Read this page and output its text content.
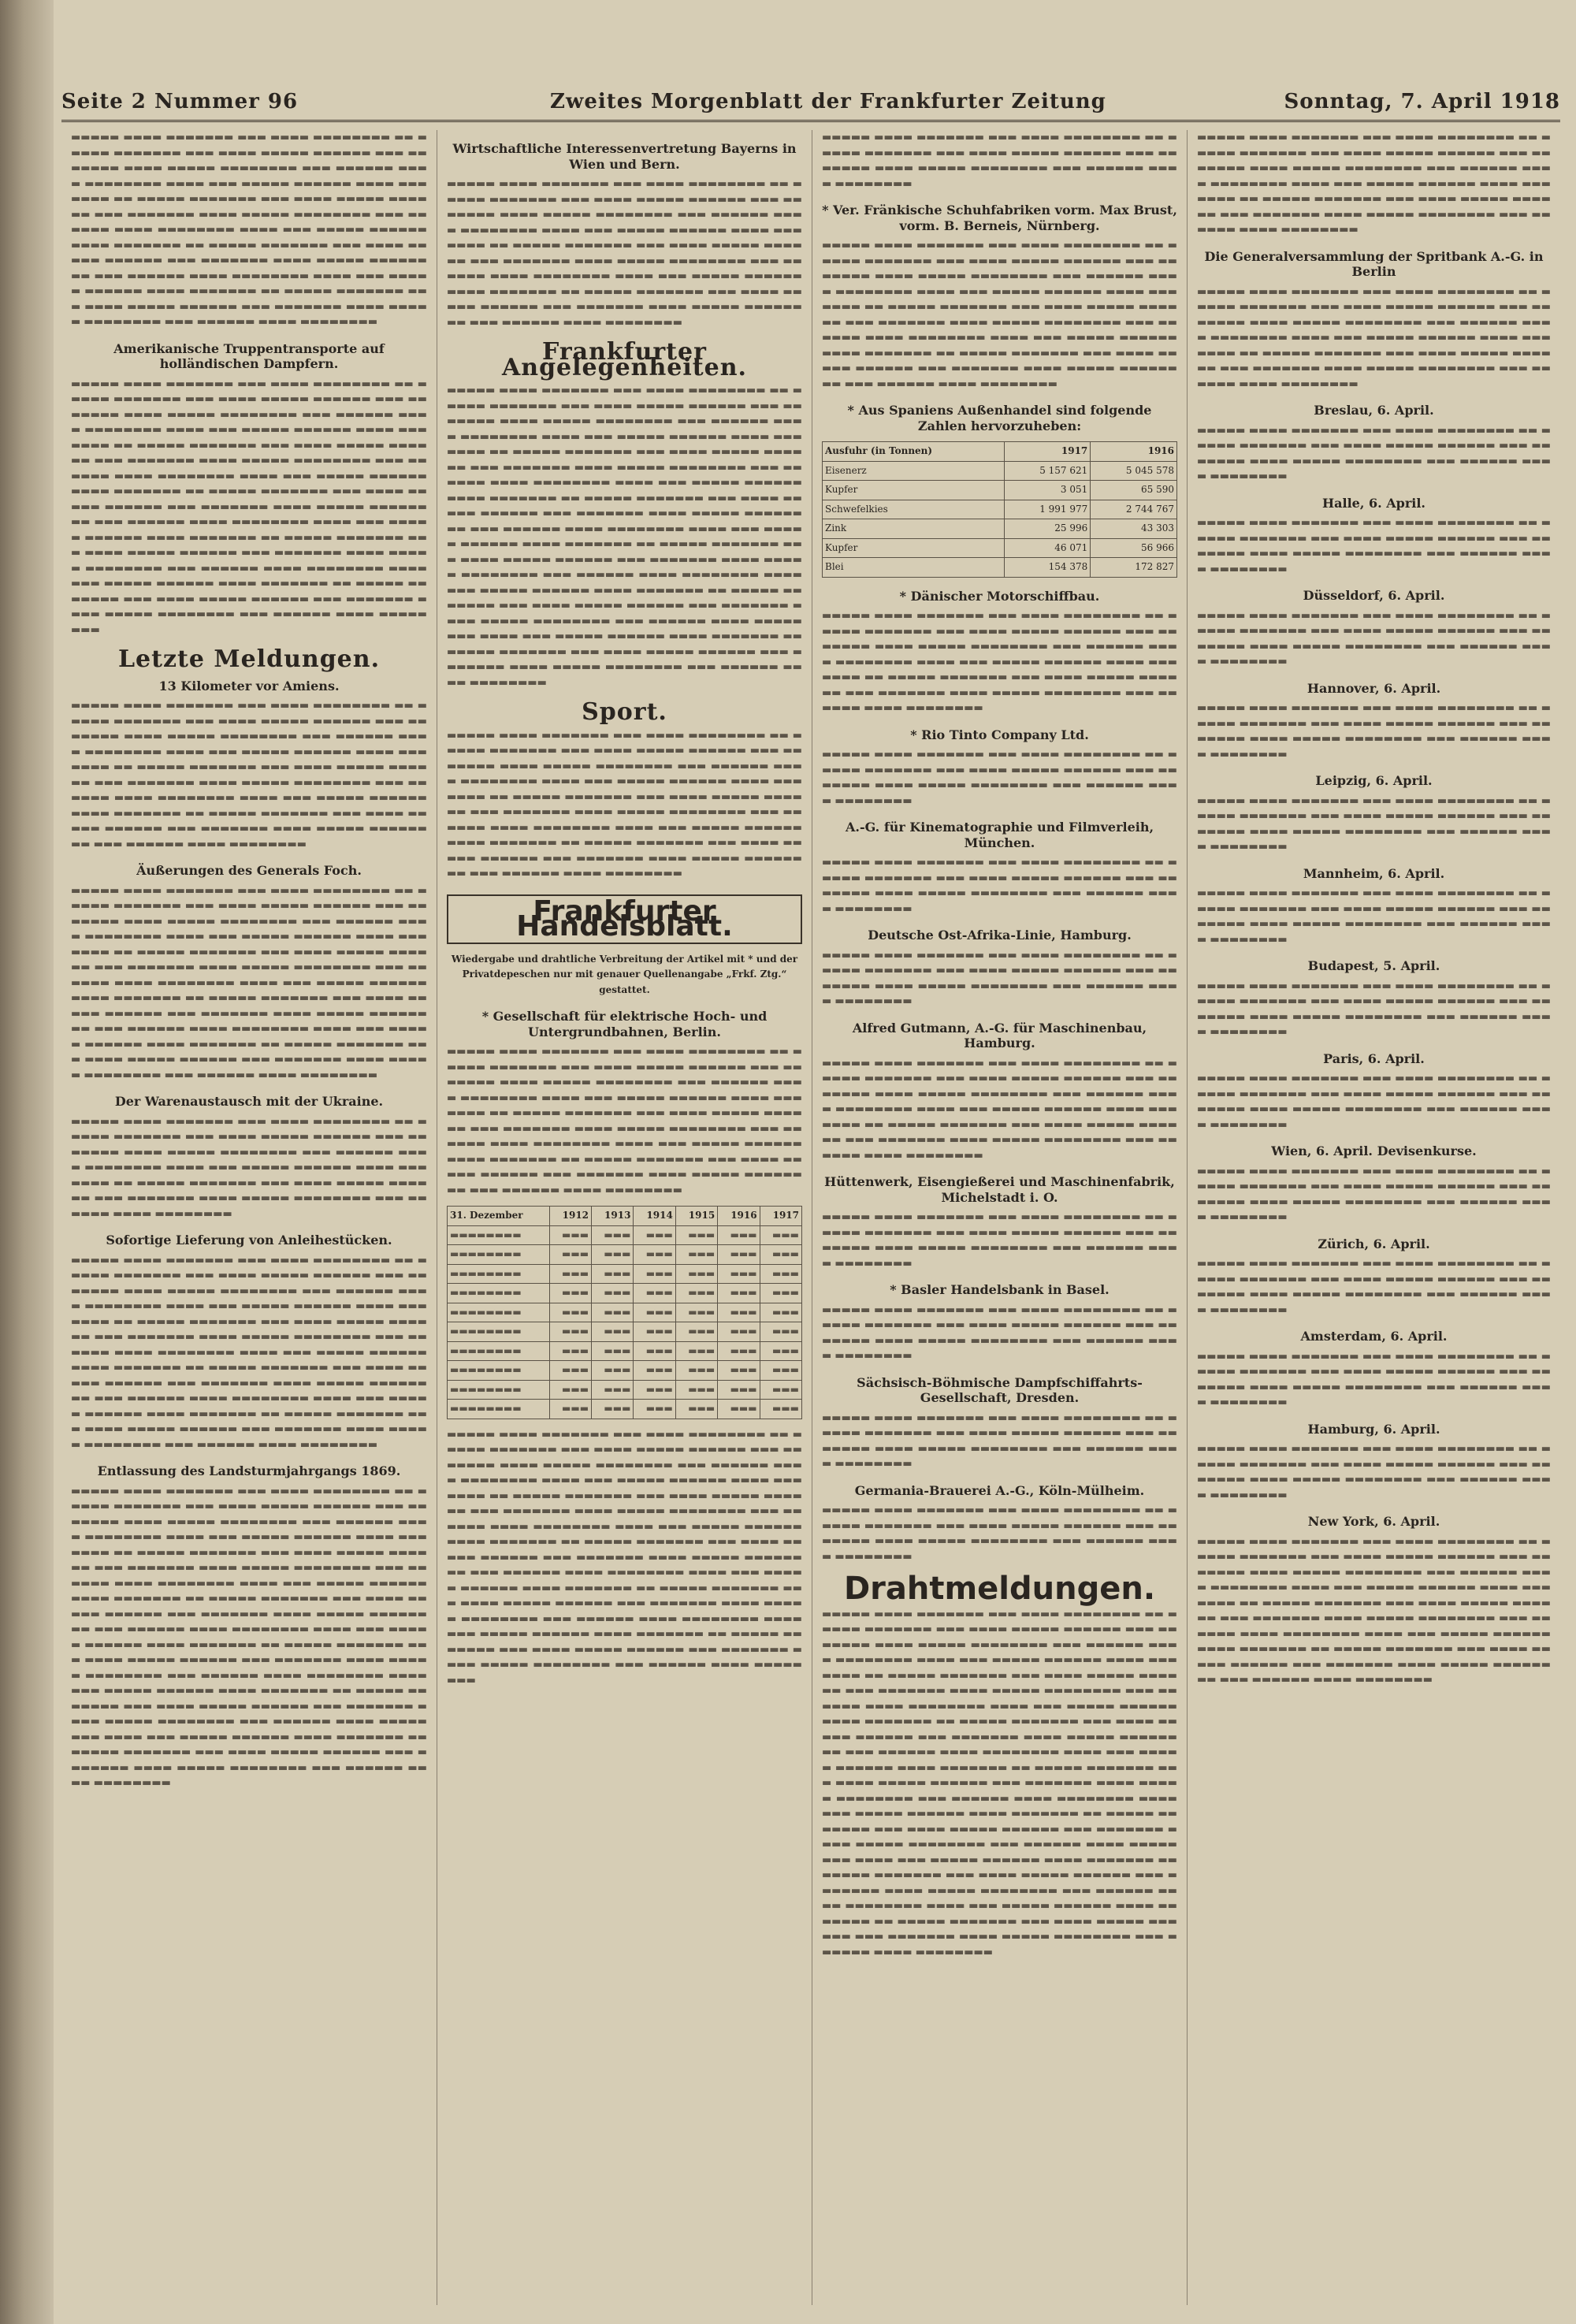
Seite 2 Nummer 96	Zweites Morgenblatt der Frankfurter Zeitung	Sonntag, 7. April 1918
▬▬▬▬▬ ▬▬▬▬ ▬▬▬▬▬▬▬ ▬▬▬ ▬▬▬▬ ▬▬▬▬▬▬▬▬ ▬▬ ▬▬▬▬▬ ▬▬▬▬▬▬▬ ▬▬▬ ▬▬▬▬ ▬▬▬▬▬ ▬▬▬▬▬▬ ▬▬▬ ▬▬▬▬▬▬▬ ▬▬▬▬ ▬▬▬▬▬ ▬▬▬▬▬▬▬▬ ▬▬▬ ▬▬▬▬▬▬ ▬▬▬▬ ▬▬▬▬▬▬▬▬ ▬▬▬▬ ▬▬▬ ▬▬▬▬▬ ▬▬▬▬▬▬ ▬▬▬▬ ▬▬▬▬▬▬▬ ▬▬ ▬▬▬▬▬ ▬▬▬▬▬▬▬ ▬▬▬ ▬▬▬▬ ▬▬▬▬▬ ▬▬▬▬▬▬ ▬▬▬ ▬▬▬▬▬▬▬ ▬▬▬▬ ▬▬▬▬▬ ▬▬▬▬▬▬▬▬ ▬▬▬ ▬▬▬▬▬▬ ▬▬▬▬ ▬▬▬▬▬▬▬▬ ▬▬▬▬ ▬▬▬ ▬▬▬▬▬ ▬▬▬▬▬▬ ▬▬▬▬ ▬▬▬▬▬▬▬ ▬▬ ▬▬▬▬▬ ▬▬▬▬▬▬▬ ▬▬▬ ▬▬▬▬ ▬▬▬▬▬ ▬▬▬▬▬▬ ▬▬▬ ▬▬▬▬▬▬▬ ▬▬▬▬ ▬▬▬▬▬ ▬▬▬▬▬▬▬▬ ▬▬▬ ▬▬▬▬▬▬ ▬▬▬▬ ▬▬▬▬▬▬▬▬ ▬▬▬▬ ▬▬▬ ▬▬▬▬▬ ▬▬▬▬▬▬ ▬▬▬▬ ▬▬▬▬▬▬▬ ▬▬ ▬▬▬▬▬ ▬▬▬▬▬▬▬ ▬▬▬ ▬▬▬▬ ▬▬▬▬▬ ▬▬▬▬▬▬ ▬▬▬ ▬▬▬▬▬▬▬ ▬▬▬▬ ▬▬▬▬▬ ▬▬▬▬▬▬▬▬ ▬▬▬ ▬▬▬▬▬▬ ▬▬▬▬ ▬▬▬▬▬▬▬▬
Amerikanische Truppentransporte auf holländischen Dampfern.
▬▬▬▬▬ ▬▬▬▬ ▬▬▬▬▬▬▬ ▬▬▬ ▬▬▬▬ ▬▬▬▬▬▬▬▬ ▬▬ ▬▬▬▬▬ ▬▬▬▬▬▬▬ ▬▬▬ ▬▬▬▬ ▬▬▬▬▬ ▬▬▬▬▬▬ ▬▬▬ ▬▬▬▬▬▬▬ ▬▬▬▬ ▬▬▬▬▬ ▬▬▬▬▬▬▬▬ ▬▬▬ ▬▬▬▬▬▬ ▬▬▬▬ ▬▬▬▬▬▬▬▬ ▬▬▬▬ ▬▬▬ ▬▬▬▬▬ ▬▬▬▬▬▬ ▬▬▬▬ ▬▬▬▬▬▬▬ ▬▬ ▬▬▬▬▬ ▬▬▬▬▬▬▬ ▬▬▬ ▬▬▬▬ ▬▬▬▬▬ ▬▬▬▬▬▬ ▬▬▬ ▬▬▬▬▬▬▬ ▬▬▬▬ ▬▬▬▬▬ ▬▬▬▬▬▬▬▬ ▬▬▬ ▬▬▬▬▬▬ ▬▬▬▬ ▬▬▬▬▬▬▬▬ ▬▬▬▬ ▬▬▬ ▬▬▬▬▬ ▬▬▬▬▬▬ ▬▬▬▬ ▬▬▬▬▬▬▬ ▬▬ ▬▬▬▬▬ ▬▬▬▬▬▬▬ ▬▬▬ ▬▬▬▬ ▬▬▬▬▬ ▬▬▬▬▬▬ ▬▬▬ ▬▬▬▬▬▬▬ ▬▬▬▬ ▬▬▬▬▬ ▬▬▬▬▬▬▬▬ ▬▬▬ ▬▬▬▬▬▬ ▬▬▬▬ ▬▬▬▬▬▬▬▬ ▬▬▬▬ ▬▬▬ ▬▬▬▬▬ ▬▬▬▬▬▬ ▬▬▬▬ ▬▬▬▬▬▬▬ ▬▬ ▬▬▬▬▬ ▬▬▬▬▬▬▬ ▬▬▬ ▬▬▬▬ ▬▬▬▬▬ ▬▬▬▬▬▬ ▬▬▬ ▬▬▬▬▬▬▬ ▬▬▬▬ ▬▬▬▬▬ ▬▬▬▬▬▬▬▬ ▬▬▬ ▬▬▬▬▬▬ ▬▬▬▬ ▬▬▬▬▬▬▬▬ ▬▬▬▬ ▬▬▬ ▬▬▬▬▬ ▬▬▬▬▬▬ ▬▬▬▬ ▬▬▬▬▬▬▬ ▬▬ ▬▬▬▬▬ ▬▬▬▬▬▬▬ ▬▬▬ ▬▬▬▬ ▬▬▬▬▬ ▬▬▬▬▬▬ ▬▬▬ ▬▬▬▬▬▬▬ ▬▬▬▬ ▬▬▬▬▬ ▬▬▬▬▬▬▬▬ ▬▬▬ ▬▬▬▬▬▬ ▬▬▬▬ ▬▬▬▬▬▬▬▬
Letzte Meldungen.
13 Kilometer vor Amiens.
▬▬▬▬▬ ▬▬▬▬ ▬▬▬▬▬▬▬ ▬▬▬ ▬▬▬▬ ▬▬▬▬▬▬▬▬ ▬▬ ▬▬▬▬▬ ▬▬▬▬▬▬▬ ▬▬▬ ▬▬▬▬ ▬▬▬▬▬ ▬▬▬▬▬▬ ▬▬▬ ▬▬▬▬▬▬▬ ▬▬▬▬ ▬▬▬▬▬ ▬▬▬▬▬▬▬▬ ▬▬▬ ▬▬▬▬▬▬ ▬▬▬▬ ▬▬▬▬▬▬▬▬ ▬▬▬▬ ▬▬▬ ▬▬▬▬▬ ▬▬▬▬▬▬ ▬▬▬▬ ▬▬▬▬▬▬▬ ▬▬ ▬▬▬▬▬ ▬▬▬▬▬▬▬ ▬▬▬ ▬▬▬▬ ▬▬▬▬▬ ▬▬▬▬▬▬ ▬▬▬ ▬▬▬▬▬▬▬ ▬▬▬▬ ▬▬▬▬▬ ▬▬▬▬▬▬▬▬ ▬▬▬ ▬▬▬▬▬▬ ▬▬▬▬ ▬▬▬▬▬▬▬▬ ▬▬▬▬ ▬▬▬ ▬▬▬▬▬ ▬▬▬▬▬▬ ▬▬▬▬ ▬▬▬▬▬▬▬ ▬▬ ▬▬▬▬▬ ▬▬▬▬▬▬▬ ▬▬▬ ▬▬▬▬ ▬▬▬▬▬ ▬▬▬▬▬▬ ▬▬▬ ▬▬▬▬▬▬▬ ▬▬▬▬ ▬▬▬▬▬ ▬▬▬▬▬▬▬▬ ▬▬▬ ▬▬▬▬▬▬ ▬▬▬▬ ▬▬▬▬▬▬▬▬
Äußerungen des Generals Foch.
▬▬▬▬▬ ▬▬▬▬ ▬▬▬▬▬▬▬ ▬▬▬ ▬▬▬▬ ▬▬▬▬▬▬▬▬ ▬▬ ▬▬▬▬▬ ▬▬▬▬▬▬▬ ▬▬▬ ▬▬▬▬ ▬▬▬▬▬ ▬▬▬▬▬▬ ▬▬▬ ▬▬▬▬▬▬▬ ▬▬▬▬ ▬▬▬▬▬ ▬▬▬▬▬▬▬▬ ▬▬▬ ▬▬▬▬▬▬ ▬▬▬▬ ▬▬▬▬▬▬▬▬ ▬▬▬▬ ▬▬▬ ▬▬▬▬▬ ▬▬▬▬▬▬ ▬▬▬▬ ▬▬▬▬▬▬▬ ▬▬ ▬▬▬▬▬ ▬▬▬▬▬▬▬ ▬▬▬ ▬▬▬▬ ▬▬▬▬▬ ▬▬▬▬▬▬ ▬▬▬ ▬▬▬▬▬▬▬ ▬▬▬▬ ▬▬▬▬▬ ▬▬▬▬▬▬▬▬ ▬▬▬ ▬▬▬▬▬▬ ▬▬▬▬ ▬▬▬▬▬▬▬▬ ▬▬▬▬ ▬▬▬ ▬▬▬▬▬ ▬▬▬▬▬▬ ▬▬▬▬ ▬▬▬▬▬▬▬ ▬▬ ▬▬▬▬▬ ▬▬▬▬▬▬▬ ▬▬▬ ▬▬▬▬ ▬▬▬▬▬ ▬▬▬▬▬▬ ▬▬▬ ▬▬▬▬▬▬▬ ▬▬▬▬ ▬▬▬▬▬ ▬▬▬▬▬▬▬▬ ▬▬▬ ▬▬▬▬▬▬ ▬▬▬▬ ▬▬▬▬▬▬▬▬ ▬▬▬▬ ▬▬▬ ▬▬▬▬▬ ▬▬▬▬▬▬ ▬▬▬▬ ▬▬▬▬▬▬▬ ▬▬ ▬▬▬▬▬ ▬▬▬▬▬▬▬ ▬▬▬ ▬▬▬▬ ▬▬▬▬▬ ▬▬▬▬▬▬ ▬▬▬ ▬▬▬▬▬▬▬ ▬▬▬▬ ▬▬▬▬▬ ▬▬▬▬▬▬▬▬ ▬▬▬ ▬▬▬▬▬▬ ▬▬▬▬ ▬▬▬▬▬▬▬▬
Der Warenaustausch mit der Ukraine.
▬▬▬▬▬ ▬▬▬▬ ▬▬▬▬▬▬▬ ▬▬▬ ▬▬▬▬ ▬▬▬▬▬▬▬▬ ▬▬ ▬▬▬▬▬ ▬▬▬▬▬▬▬ ▬▬▬ ▬▬▬▬ ▬▬▬▬▬ ▬▬▬▬▬▬ ▬▬▬ ▬▬▬▬▬▬▬ ▬▬▬▬ ▬▬▬▬▬ ▬▬▬▬▬▬▬▬ ▬▬▬ ▬▬▬▬▬▬ ▬▬▬▬ ▬▬▬▬▬▬▬▬ ▬▬▬▬ ▬▬▬ ▬▬▬▬▬ ▬▬▬▬▬▬ ▬▬▬▬ ▬▬▬▬▬▬▬ ▬▬ ▬▬▬▬▬ ▬▬▬▬▬▬▬ ▬▬▬ ▬▬▬▬ ▬▬▬▬▬ ▬▬▬▬▬▬ ▬▬▬ ▬▬▬▬▬▬▬ ▬▬▬▬ ▬▬▬▬▬ ▬▬▬▬▬▬▬▬ ▬▬▬ ▬▬▬▬▬▬ ▬▬▬▬ ▬▬▬▬▬▬▬▬
Sofortige Lieferung von Anleihestücken.
▬▬▬▬▬ ▬▬▬▬ ▬▬▬▬▬▬▬ ▬▬▬ ▬▬▬▬ ▬▬▬▬▬▬▬▬ ▬▬ ▬▬▬▬▬ ▬▬▬▬▬▬▬ ▬▬▬ ▬▬▬▬ ▬▬▬▬▬ ▬▬▬▬▬▬ ▬▬▬ ▬▬▬▬▬▬▬ ▬▬▬▬ ▬▬▬▬▬ ▬▬▬▬▬▬▬▬ ▬▬▬ ▬▬▬▬▬▬ ▬▬▬▬ ▬▬▬▬▬▬▬▬ ▬▬▬▬ ▬▬▬ ▬▬▬▬▬ ▬▬▬▬▬▬ ▬▬▬▬ ▬▬▬▬▬▬▬ ▬▬ ▬▬▬▬▬ ▬▬▬▬▬▬▬ ▬▬▬ ▬▬▬▬ ▬▬▬▬▬ ▬▬▬▬▬▬ ▬▬▬ ▬▬▬▬▬▬▬ ▬▬▬▬ ▬▬▬▬▬ ▬▬▬▬▬▬▬▬ ▬▬▬ ▬▬▬▬▬▬ ▬▬▬▬ ▬▬▬▬▬▬▬▬ ▬▬▬▬ ▬▬▬ ▬▬▬▬▬ ▬▬▬▬▬▬ ▬▬▬▬ ▬▬▬▬▬▬▬ ▬▬ ▬▬▬▬▬ ▬▬▬▬▬▬▬ ▬▬▬ ▬▬▬▬ ▬▬▬▬▬ ▬▬▬▬▬▬ ▬▬▬ ▬▬▬▬▬▬▬ ▬▬▬▬ ▬▬▬▬▬ ▬▬▬▬▬▬▬▬ ▬▬▬ ▬▬▬▬▬▬ ▬▬▬▬ ▬▬▬▬▬▬▬▬ ▬▬▬▬ ▬▬▬ ▬▬▬▬▬ ▬▬▬▬▬▬ ▬▬▬▬ ▬▬▬▬▬▬▬ ▬▬ ▬▬▬▬▬ ▬▬▬▬▬▬▬ ▬▬▬ ▬▬▬▬ ▬▬▬▬▬ ▬▬▬▬▬▬ ▬▬▬ ▬▬▬▬▬▬▬ ▬▬▬▬ ▬▬▬▬▬ ▬▬▬▬▬▬▬▬ ▬▬▬ ▬▬▬▬▬▬ ▬▬▬▬ ▬▬▬▬▬▬▬▬
Entlassung des Landsturmjahrgangs 1869.
▬▬▬▬▬ ▬▬▬▬ ▬▬▬▬▬▬▬ ▬▬▬ ▬▬▬▬ ▬▬▬▬▬▬▬▬ ▬▬ ▬▬▬▬▬ ▬▬▬▬▬▬▬ ▬▬▬ ▬▬▬▬ ▬▬▬▬▬ ▬▬▬▬▬▬ ▬▬▬ ▬▬▬▬▬▬▬ ▬▬▬▬ ▬▬▬▬▬ ▬▬▬▬▬▬▬▬ ▬▬▬ ▬▬▬▬▬▬ ▬▬▬▬ ▬▬▬▬▬▬▬▬ ▬▬▬▬ ▬▬▬ ▬▬▬▬▬ ▬▬▬▬▬▬ ▬▬▬▬ ▬▬▬▬▬▬▬ ▬▬ ▬▬▬▬▬ ▬▬▬▬▬▬▬ ▬▬▬ ▬▬▬▬ ▬▬▬▬▬ ▬▬▬▬▬▬ ▬▬▬ ▬▬▬▬▬▬▬ ▬▬▬▬ ▬▬▬▬▬ ▬▬▬▬▬▬▬▬ ▬▬▬ ▬▬▬▬▬▬ ▬▬▬▬ ▬▬▬▬▬▬▬▬ ▬▬▬▬ ▬▬▬ ▬▬▬▬▬ ▬▬▬▬▬▬ ▬▬▬▬ ▬▬▬▬▬▬▬ ▬▬ ▬▬▬▬▬ ▬▬▬▬▬▬▬ ▬▬▬ ▬▬▬▬ ▬▬▬▬▬ ▬▬▬▬▬▬ ▬▬▬ ▬▬▬▬▬▬▬ ▬▬▬▬ ▬▬▬▬▬ ▬▬▬▬▬▬▬▬ ▬▬▬ ▬▬▬▬▬▬ ▬▬▬▬ ▬▬▬▬▬▬▬▬ ▬▬▬▬ ▬▬▬ ▬▬▬▬▬ ▬▬▬▬▬▬ ▬▬▬▬ ▬▬▬▬▬▬▬ ▬▬ ▬▬▬▬▬ ▬▬▬▬▬▬▬ ▬▬▬ ▬▬▬▬ ▬▬▬▬▬ ▬▬▬▬▬▬ ▬▬▬ ▬▬▬▬▬▬▬ ▬▬▬▬ ▬▬▬▬▬ ▬▬▬▬▬▬▬▬ ▬▬▬ ▬▬▬▬▬▬ ▬▬▬▬ ▬▬▬▬▬▬▬▬ ▬▬▬▬ ▬▬▬ ▬▬▬▬▬ ▬▬▬▬▬▬ ▬▬▬▬ ▬▬▬▬▬▬▬ ▬▬ ▬▬▬▬▬ ▬▬▬▬▬▬▬ ▬▬▬ ▬▬▬▬ ▬▬▬▬▬ ▬▬▬▬▬▬ ▬▬▬ ▬▬▬▬▬▬▬ ▬▬▬▬ ▬▬▬▬▬ ▬▬▬▬▬▬▬▬ ▬▬▬ ▬▬▬▬▬▬ ▬▬▬▬ ▬▬▬▬▬▬▬▬ ▬▬▬▬ ▬▬▬ ▬▬▬▬▬ ▬▬▬▬▬▬ ▬▬▬▬ ▬▬▬▬▬▬▬ ▬▬ ▬▬▬▬▬ ▬▬▬▬▬▬▬ ▬▬▬ ▬▬▬▬ ▬▬▬▬▬ ▬▬▬▬▬▬ ▬▬▬ ▬▬▬▬▬▬▬ ▬▬▬▬ ▬▬▬▬▬ ▬▬▬▬▬▬▬▬ ▬▬▬ ▬▬▬▬▬▬ ▬▬▬▬ ▬▬▬▬▬▬▬▬
Wirtschaftliche Interessenvertretung Bayerns in Wien und Bern.
▬▬▬▬▬ ▬▬▬▬ ▬▬▬▬▬▬▬ ▬▬▬ ▬▬▬▬ ▬▬▬▬▬▬▬▬ ▬▬ ▬▬▬▬▬ ▬▬▬▬▬▬▬ ▬▬▬ ▬▬▬▬ ▬▬▬▬▬ ▬▬▬▬▬▬ ▬▬▬ ▬▬▬▬▬▬▬ ▬▬▬▬ ▬▬▬▬▬ ▬▬▬▬▬▬▬▬ ▬▬▬ ▬▬▬▬▬▬ ▬▬▬▬ ▬▬▬▬▬▬▬▬ ▬▬▬▬ ▬▬▬ ▬▬▬▬▬ ▬▬▬▬▬▬ ▬▬▬▬ ▬▬▬▬▬▬▬ ▬▬ ▬▬▬▬▬ ▬▬▬▬▬▬▬ ▬▬▬ ▬▬▬▬ ▬▬▬▬▬ ▬▬▬▬▬▬ ▬▬▬ ▬▬▬▬▬▬▬ ▬▬▬▬ ▬▬▬▬▬ ▬▬▬▬▬▬▬▬ ▬▬▬ ▬▬▬▬▬▬ ▬▬▬▬ ▬▬▬▬▬▬▬▬ ▬▬▬▬ ▬▬▬ ▬▬▬▬▬ ▬▬▬▬▬▬ ▬▬▬▬ ▬▬▬▬▬▬▬ ▬▬ ▬▬▬▬▬ ▬▬▬▬▬▬▬ ▬▬▬ ▬▬▬▬ ▬▬▬▬▬ ▬▬▬▬▬▬ ▬▬▬ ▬▬▬▬▬▬▬ ▬▬▬▬ ▬▬▬▬▬ ▬▬▬▬▬▬▬▬ ▬▬▬ ▬▬▬▬▬▬ ▬▬▬▬ ▬▬▬▬▬▬▬▬
Frankfurter Angelegenheiten.
▬▬▬▬▬ ▬▬▬▬ ▬▬▬▬▬▬▬ ▬▬▬ ▬▬▬▬ ▬▬▬▬▬▬▬▬ ▬▬ ▬▬▬▬▬ ▬▬▬▬▬▬▬ ▬▬▬ ▬▬▬▬ ▬▬▬▬▬ ▬▬▬▬▬▬ ▬▬▬ ▬▬▬▬▬▬▬ ▬▬▬▬ ▬▬▬▬▬ ▬▬▬▬▬▬▬▬ ▬▬▬ ▬▬▬▬▬▬ ▬▬▬▬ ▬▬▬▬▬▬▬▬ ▬▬▬▬ ▬▬▬ ▬▬▬▬▬ ▬▬▬▬▬▬ ▬▬▬▬ ▬▬▬▬▬▬▬ ▬▬ ▬▬▬▬▬ ▬▬▬▬▬▬▬ ▬▬▬ ▬▬▬▬ ▬▬▬▬▬ ▬▬▬▬▬▬ ▬▬▬ ▬▬▬▬▬▬▬ ▬▬▬▬ ▬▬▬▬▬ ▬▬▬▬▬▬▬▬ ▬▬▬ ▬▬▬▬▬▬ ▬▬▬▬ ▬▬▬▬▬▬▬▬ ▬▬▬▬ ▬▬▬ ▬▬▬▬▬ ▬▬▬▬▬▬ ▬▬▬▬ ▬▬▬▬▬▬▬ ▬▬ ▬▬▬▬▬ ▬▬▬▬▬▬▬ ▬▬▬ ▬▬▬▬ ▬▬▬▬▬ ▬▬▬▬▬▬ ▬▬▬ ▬▬▬▬▬▬▬ ▬▬▬▬ ▬▬▬▬▬ ▬▬▬▬▬▬▬▬ ▬▬▬ ▬▬▬▬▬▬ ▬▬▬▬ ▬▬▬▬▬▬▬▬ ▬▬▬▬ ▬▬▬ ▬▬▬▬▬ ▬▬▬▬▬▬ ▬▬▬▬ ▬▬▬▬▬▬▬ ▬▬ ▬▬▬▬▬ ▬▬▬▬▬▬▬ ▬▬▬ ▬▬▬▬ ▬▬▬▬▬ ▬▬▬▬▬▬ ▬▬▬ ▬▬▬▬▬▬▬ ▬▬▬▬ ▬▬▬▬▬ ▬▬▬▬▬▬▬▬ ▬▬▬ ▬▬▬▬▬▬ ▬▬▬▬ ▬▬▬▬▬▬▬▬ ▬▬▬▬ ▬▬▬ ▬▬▬▬▬ ▬▬▬▬▬▬ ▬▬▬▬ ▬▬▬▬▬▬▬ ▬▬ ▬▬▬▬▬ ▬▬▬▬▬▬▬ ▬▬▬ ▬▬▬▬ ▬▬▬▬▬ ▬▬▬▬▬▬ ▬▬▬ ▬▬▬▬▬▬▬ ▬▬▬▬ ▬▬▬▬▬ ▬▬▬▬▬▬▬▬ ▬▬▬ ▬▬▬▬▬▬ ▬▬▬▬ ▬▬▬▬▬▬▬▬ ▬▬▬▬ ▬▬▬ ▬▬▬▬▬ ▬▬▬▬▬▬ ▬▬▬▬ ▬▬▬▬▬▬▬ ▬▬ ▬▬▬▬▬ ▬▬▬▬▬▬▬ ▬▬▬ ▬▬▬▬ ▬▬▬▬▬ ▬▬▬▬▬▬ ▬▬▬ ▬▬▬▬▬▬▬ ▬▬▬▬ ▬▬▬▬▬ ▬▬▬▬▬▬▬▬ ▬▬▬ ▬▬▬▬▬▬ ▬▬▬▬ ▬▬▬▬▬▬▬▬
Sport.
▬▬▬▬▬ ▬▬▬▬ ▬▬▬▬▬▬▬ ▬▬▬ ▬▬▬▬ ▬▬▬▬▬▬▬▬ ▬▬ ▬▬▬▬▬ ▬▬▬▬▬▬▬ ▬▬▬ ▬▬▬▬ ▬▬▬▬▬ ▬▬▬▬▬▬ ▬▬▬ ▬▬▬▬▬▬▬ ▬▬▬▬ ▬▬▬▬▬ ▬▬▬▬▬▬▬▬ ▬▬▬ ▬▬▬▬▬▬ ▬▬▬▬ ▬▬▬▬▬▬▬▬ ▬▬▬▬ ▬▬▬ ▬▬▬▬▬ ▬▬▬▬▬▬ ▬▬▬▬ ▬▬▬▬▬▬▬ ▬▬ ▬▬▬▬▬ ▬▬▬▬▬▬▬ ▬▬▬ ▬▬▬▬ ▬▬▬▬▬ ▬▬▬▬▬▬ ▬▬▬ ▬▬▬▬▬▬▬ ▬▬▬▬ ▬▬▬▬▬ ▬▬▬▬▬▬▬▬ ▬▬▬ ▬▬▬▬▬▬ ▬▬▬▬ ▬▬▬▬▬▬▬▬ ▬▬▬▬ ▬▬▬ ▬▬▬▬▬ ▬▬▬▬▬▬ ▬▬▬▬ ▬▬▬▬▬▬▬ ▬▬ ▬▬▬▬▬ ▬▬▬▬▬▬▬ ▬▬▬ ▬▬▬▬ ▬▬▬▬▬ ▬▬▬▬▬▬ ▬▬▬ ▬▬▬▬▬▬▬ ▬▬▬▬ ▬▬▬▬▬ ▬▬▬▬▬▬▬▬ ▬▬▬ ▬▬▬▬▬▬ ▬▬▬▬ ▬▬▬▬▬▬▬▬
Frankfurter Handelsblatt.
Wiedergabe und drahtliche Verbreitung der Artikel mit * und der Privatdepeschen nur mit genauer Quellenangabe „Frkf. Ztg.“ gestattet.
* Gesellschaft für elektrische Hoch- und Untergrundbahnen, Berlin.
▬▬▬▬▬ ▬▬▬▬ ▬▬▬▬▬▬▬ ▬▬▬ ▬▬▬▬ ▬▬▬▬▬▬▬▬ ▬▬ ▬▬▬▬▬ ▬▬▬▬▬▬▬ ▬▬▬ ▬▬▬▬ ▬▬▬▬▬ ▬▬▬▬▬▬ ▬▬▬ ▬▬▬▬▬▬▬ ▬▬▬▬ ▬▬▬▬▬ ▬▬▬▬▬▬▬▬ ▬▬▬ ▬▬▬▬▬▬ ▬▬▬▬ ▬▬▬▬▬▬▬▬ ▬▬▬▬ ▬▬▬ ▬▬▬▬▬ ▬▬▬▬▬▬ ▬▬▬▬ ▬▬▬▬▬▬▬ ▬▬ ▬▬▬▬▬ ▬▬▬▬▬▬▬ ▬▬▬ ▬▬▬▬ ▬▬▬▬▬ ▬▬▬▬▬▬ ▬▬▬ ▬▬▬▬▬▬▬ ▬▬▬▬ ▬▬▬▬▬ ▬▬▬▬▬▬▬▬ ▬▬▬ ▬▬▬▬▬▬ ▬▬▬▬ ▬▬▬▬▬▬▬▬ ▬▬▬▬ ▬▬▬ ▬▬▬▬▬ ▬▬▬▬▬▬ ▬▬▬▬ ▬▬▬▬▬▬▬ ▬▬ ▬▬▬▬▬ ▬▬▬▬▬▬▬ ▬▬▬ ▬▬▬▬ ▬▬▬▬▬ ▬▬▬▬▬▬ ▬▬▬ ▬▬▬▬▬▬▬ ▬▬▬▬ ▬▬▬▬▬ ▬▬▬▬▬▬▬▬ ▬▬▬ ▬▬▬▬▬▬ ▬▬▬▬ ▬▬▬▬▬▬▬▬
31. Dezember	1912	1913	1914	1915	1916	1917
▬▬▬▬▬▬▬▬	▬▬▬	▬▬▬	▬▬▬	▬▬▬	▬▬▬	▬▬▬
▬▬▬▬▬▬▬▬	▬▬▬	▬▬▬	▬▬▬	▬▬▬	▬▬▬	▬▬▬
▬▬▬▬▬▬▬▬	▬▬▬	▬▬▬	▬▬▬	▬▬▬	▬▬▬	▬▬▬
▬▬▬▬▬▬▬▬	▬▬▬	▬▬▬	▬▬▬	▬▬▬	▬▬▬	▬▬▬
▬▬▬▬▬▬▬▬	▬▬▬	▬▬▬	▬▬▬	▬▬▬	▬▬▬	▬▬▬
▬▬▬▬▬▬▬▬	▬▬▬	▬▬▬	▬▬▬	▬▬▬	▬▬▬	▬▬▬
▬▬▬▬▬▬▬▬	▬▬▬	▬▬▬	▬▬▬	▬▬▬	▬▬▬	▬▬▬
▬▬▬▬▬▬▬▬	▬▬▬	▬▬▬	▬▬▬	▬▬▬	▬▬▬	▬▬▬
▬▬▬▬▬▬▬▬	▬▬▬	▬▬▬	▬▬▬	▬▬▬	▬▬▬	▬▬▬
▬▬▬▬▬▬▬▬	▬▬▬	▬▬▬	▬▬▬	▬▬▬	▬▬▬	▬▬▬
▬▬▬▬▬ ▬▬▬▬ ▬▬▬▬▬▬▬ ▬▬▬ ▬▬▬▬ ▬▬▬▬▬▬▬▬ ▬▬ ▬▬▬▬▬ ▬▬▬▬▬▬▬ ▬▬▬ ▬▬▬▬ ▬▬▬▬▬ ▬▬▬▬▬▬ ▬▬▬ ▬▬▬▬▬▬▬ ▬▬▬▬ ▬▬▬▬▬ ▬▬▬▬▬▬▬▬ ▬▬▬ ▬▬▬▬▬▬ ▬▬▬▬ ▬▬▬▬▬▬▬▬ ▬▬▬▬ ▬▬▬ ▬▬▬▬▬ ▬▬▬▬▬▬ ▬▬▬▬ ▬▬▬▬▬▬▬ ▬▬ ▬▬▬▬▬ ▬▬▬▬▬▬▬ ▬▬▬ ▬▬▬▬ ▬▬▬▬▬ ▬▬▬▬▬▬ ▬▬▬ ▬▬▬▬▬▬▬ ▬▬▬▬ ▬▬▬▬▬ ▬▬▬▬▬▬▬▬ ▬▬▬ ▬▬▬▬▬▬ ▬▬▬▬ ▬▬▬▬▬▬▬▬ ▬▬▬▬ ▬▬▬ ▬▬▬▬▬ ▬▬▬▬▬▬ ▬▬▬▬ ▬▬▬▬▬▬▬ ▬▬ ▬▬▬▬▬ ▬▬▬▬▬▬▬ ▬▬▬ ▬▬▬▬ ▬▬▬▬▬ ▬▬▬▬▬▬ ▬▬▬ ▬▬▬▬▬▬▬ ▬▬▬▬ ▬▬▬▬▬ ▬▬▬▬▬▬▬▬ ▬▬▬ ▬▬▬▬▬▬ ▬▬▬▬ ▬▬▬▬▬▬▬▬ ▬▬▬▬ ▬▬▬ ▬▬▬▬▬ ▬▬▬▬▬▬ ▬▬▬▬ ▬▬▬▬▬▬▬ ▬▬ ▬▬▬▬▬ ▬▬▬▬▬▬▬ ▬▬▬ ▬▬▬▬ ▬▬▬▬▬ ▬▬▬▬▬▬ ▬▬▬ ▬▬▬▬▬▬▬ ▬▬▬▬ ▬▬▬▬▬ ▬▬▬▬▬▬▬▬ ▬▬▬ ▬▬▬▬▬▬ ▬▬▬▬ ▬▬▬▬▬▬▬▬ ▬▬▬▬ ▬▬▬ ▬▬▬▬▬ ▬▬▬▬▬▬ ▬▬▬▬ ▬▬▬▬▬▬▬ ▬▬ ▬▬▬▬▬ ▬▬▬▬▬▬▬ ▬▬▬ ▬▬▬▬ ▬▬▬▬▬ ▬▬▬▬▬▬ ▬▬▬ ▬▬▬▬▬▬▬ ▬▬▬▬ ▬▬▬▬▬ ▬▬▬▬▬▬▬▬ ▬▬▬ ▬▬▬▬▬▬ ▬▬▬▬ ▬▬▬▬▬▬▬▬
▬▬▬▬▬ ▬▬▬▬ ▬▬▬▬▬▬▬ ▬▬▬ ▬▬▬▬ ▬▬▬▬▬▬▬▬ ▬▬ ▬▬▬▬▬ ▬▬▬▬▬▬▬ ▬▬▬ ▬▬▬▬ ▬▬▬▬▬ ▬▬▬▬▬▬ ▬▬▬ ▬▬▬▬▬▬▬ ▬▬▬▬ ▬▬▬▬▬ ▬▬▬▬▬▬▬▬ ▬▬▬ ▬▬▬▬▬▬ ▬▬▬▬ ▬▬▬▬▬▬▬▬
* Ver. Fränkische Schuhfabriken vorm. Max Brust, vorm. B. Berneis, Nürnberg.
▬▬▬▬▬ ▬▬▬▬ ▬▬▬▬▬▬▬ ▬▬▬ ▬▬▬▬ ▬▬▬▬▬▬▬▬ ▬▬ ▬▬▬▬▬ ▬▬▬▬▬▬▬ ▬▬▬ ▬▬▬▬ ▬▬▬▬▬ ▬▬▬▬▬▬ ▬▬▬ ▬▬▬▬▬▬▬ ▬▬▬▬ ▬▬▬▬▬ ▬▬▬▬▬▬▬▬ ▬▬▬ ▬▬▬▬▬▬ ▬▬▬▬ ▬▬▬▬▬▬▬▬ ▬▬▬▬ ▬▬▬ ▬▬▬▬▬ ▬▬▬▬▬▬ ▬▬▬▬ ▬▬▬▬▬▬▬ ▬▬ ▬▬▬▬▬ ▬▬▬▬▬▬▬ ▬▬▬ ▬▬▬▬ ▬▬▬▬▬ ▬▬▬▬▬▬ ▬▬▬ ▬▬▬▬▬▬▬ ▬▬▬▬ ▬▬▬▬▬ ▬▬▬▬▬▬▬▬ ▬▬▬ ▬▬▬▬▬▬ ▬▬▬▬ ▬▬▬▬▬▬▬▬ ▬▬▬▬ ▬▬▬ ▬▬▬▬▬ ▬▬▬▬▬▬ ▬▬▬▬ ▬▬▬▬▬▬▬ ▬▬ ▬▬▬▬▬ ▬▬▬▬▬▬▬ ▬▬▬ ▬▬▬▬ ▬▬▬▬▬ ▬▬▬▬▬▬ ▬▬▬ ▬▬▬▬▬▬▬ ▬▬▬▬ ▬▬▬▬▬ ▬▬▬▬▬▬▬▬ ▬▬▬ ▬▬▬▬▬▬ ▬▬▬▬ ▬▬▬▬▬▬▬▬
* Aus Spaniens Außenhandel sind folgende Zahlen hervorzuheben:
Ausfuhr (in Tonnen)	1917	1916
Eisenerz	5 157 621	5 045 578
Kupfer	3 051	65 590
Schwefelkies	1 991 977	2 744 767
Zink	25 996	43 303
Kupfer	46 071	56 966
Blei	154 378	172 827
* Dänischer Motorschiffbau.
▬▬▬▬▬ ▬▬▬▬ ▬▬▬▬▬▬▬ ▬▬▬ ▬▬▬▬ ▬▬▬▬▬▬▬▬ ▬▬ ▬▬▬▬▬ ▬▬▬▬▬▬▬ ▬▬▬ ▬▬▬▬ ▬▬▬▬▬ ▬▬▬▬▬▬ ▬▬▬ ▬▬▬▬▬▬▬ ▬▬▬▬ ▬▬▬▬▬ ▬▬▬▬▬▬▬▬ ▬▬▬ ▬▬▬▬▬▬ ▬▬▬▬ ▬▬▬▬▬▬▬▬ ▬▬▬▬ ▬▬▬ ▬▬▬▬▬ ▬▬▬▬▬▬ ▬▬▬▬ ▬▬▬▬▬▬▬ ▬▬ ▬▬▬▬▬ ▬▬▬▬▬▬▬ ▬▬▬ ▬▬▬▬ ▬▬▬▬▬ ▬▬▬▬▬▬ ▬▬▬ ▬▬▬▬▬▬▬ ▬▬▬▬ ▬▬▬▬▬ ▬▬▬▬▬▬▬▬ ▬▬▬ ▬▬▬▬▬▬ ▬▬▬▬ ▬▬▬▬▬▬▬▬
* Rio Tinto Company Ltd.
▬▬▬▬▬ ▬▬▬▬ ▬▬▬▬▬▬▬ ▬▬▬ ▬▬▬▬ ▬▬▬▬▬▬▬▬ ▬▬ ▬▬▬▬▬ ▬▬▬▬▬▬▬ ▬▬▬ ▬▬▬▬ ▬▬▬▬▬ ▬▬▬▬▬▬ ▬▬▬ ▬▬▬▬▬▬▬ ▬▬▬▬ ▬▬▬▬▬ ▬▬▬▬▬▬▬▬ ▬▬▬ ▬▬▬▬▬▬ ▬▬▬▬ ▬▬▬▬▬▬▬▬
A.-G. für Kinematographie und Filmverleih, München.
▬▬▬▬▬ ▬▬▬▬ ▬▬▬▬▬▬▬ ▬▬▬ ▬▬▬▬ ▬▬▬▬▬▬▬▬ ▬▬ ▬▬▬▬▬ ▬▬▬▬▬▬▬ ▬▬▬ ▬▬▬▬ ▬▬▬▬▬ ▬▬▬▬▬▬ ▬▬▬ ▬▬▬▬▬▬▬ ▬▬▬▬ ▬▬▬▬▬ ▬▬▬▬▬▬▬▬ ▬▬▬ ▬▬▬▬▬▬ ▬▬▬▬ ▬▬▬▬▬▬▬▬
Deutsche Ost-Afrika-Linie, Hamburg.
▬▬▬▬▬ ▬▬▬▬ ▬▬▬▬▬▬▬ ▬▬▬ ▬▬▬▬ ▬▬▬▬▬▬▬▬ ▬▬ ▬▬▬▬▬ ▬▬▬▬▬▬▬ ▬▬▬ ▬▬▬▬ ▬▬▬▬▬ ▬▬▬▬▬▬ ▬▬▬ ▬▬▬▬▬▬▬ ▬▬▬▬ ▬▬▬▬▬ ▬▬▬▬▬▬▬▬ ▬▬▬ ▬▬▬▬▬▬ ▬▬▬▬ ▬▬▬▬▬▬▬▬
Alfred Gutmann, A.-G. für Maschinenbau, Hamburg.
▬▬▬▬▬ ▬▬▬▬ ▬▬▬▬▬▬▬ ▬▬▬ ▬▬▬▬ ▬▬▬▬▬▬▬▬ ▬▬ ▬▬▬▬▬ ▬▬▬▬▬▬▬ ▬▬▬ ▬▬▬▬ ▬▬▬▬▬ ▬▬▬▬▬▬ ▬▬▬ ▬▬▬▬▬▬▬ ▬▬▬▬ ▬▬▬▬▬ ▬▬▬▬▬▬▬▬ ▬▬▬ ▬▬▬▬▬▬ ▬▬▬▬ ▬▬▬▬▬▬▬▬ ▬▬▬▬ ▬▬▬ ▬▬▬▬▬ ▬▬▬▬▬▬ ▬▬▬▬ ▬▬▬▬▬▬▬ ▬▬ ▬▬▬▬▬ ▬▬▬▬▬▬▬ ▬▬▬ ▬▬▬▬ ▬▬▬▬▬ ▬▬▬▬▬▬ ▬▬▬ ▬▬▬▬▬▬▬ ▬▬▬▬ ▬▬▬▬▬ ▬▬▬▬▬▬▬▬ ▬▬▬ ▬▬▬▬▬▬ ▬▬▬▬ ▬▬▬▬▬▬▬▬
Hüttenwerk, Eisengießerei und Maschinenfabrik, Michelstadt i. O.
▬▬▬▬▬ ▬▬▬▬ ▬▬▬▬▬▬▬ ▬▬▬ ▬▬▬▬ ▬▬▬▬▬▬▬▬ ▬▬ ▬▬▬▬▬ ▬▬▬▬▬▬▬ ▬▬▬ ▬▬▬▬ ▬▬▬▬▬ ▬▬▬▬▬▬ ▬▬▬ ▬▬▬▬▬▬▬ ▬▬▬▬ ▬▬▬▬▬ ▬▬▬▬▬▬▬▬ ▬▬▬ ▬▬▬▬▬▬ ▬▬▬▬ ▬▬▬▬▬▬▬▬
* Basler Handelsbank in Basel.
▬▬▬▬▬ ▬▬▬▬ ▬▬▬▬▬▬▬ ▬▬▬ ▬▬▬▬ ▬▬▬▬▬▬▬▬ ▬▬ ▬▬▬▬▬ ▬▬▬▬▬▬▬ ▬▬▬ ▬▬▬▬ ▬▬▬▬▬ ▬▬▬▬▬▬ ▬▬▬ ▬▬▬▬▬▬▬ ▬▬▬▬ ▬▬▬▬▬ ▬▬▬▬▬▬▬▬ ▬▬▬ ▬▬▬▬▬▬ ▬▬▬▬ ▬▬▬▬▬▬▬▬
Sächsisch-Böhmische Dampfschiffahrts-Gesellschaft, Dresden.
▬▬▬▬▬ ▬▬▬▬ ▬▬▬▬▬▬▬ ▬▬▬ ▬▬▬▬ ▬▬▬▬▬▬▬▬ ▬▬ ▬▬▬▬▬ ▬▬▬▬▬▬▬ ▬▬▬ ▬▬▬▬ ▬▬▬▬▬ ▬▬▬▬▬▬ ▬▬▬ ▬▬▬▬▬▬▬ ▬▬▬▬ ▬▬▬▬▬ ▬▬▬▬▬▬▬▬ ▬▬▬ ▬▬▬▬▬▬ ▬▬▬▬ ▬▬▬▬▬▬▬▬
Germania-Brauerei A.-G., Köln-Mülheim.
▬▬▬▬▬ ▬▬▬▬ ▬▬▬▬▬▬▬ ▬▬▬ ▬▬▬▬ ▬▬▬▬▬▬▬▬ ▬▬ ▬▬▬▬▬ ▬▬▬▬▬▬▬ ▬▬▬ ▬▬▬▬ ▬▬▬▬▬ ▬▬▬▬▬▬ ▬▬▬ ▬▬▬▬▬▬▬ ▬▬▬▬ ▬▬▬▬▬ ▬▬▬▬▬▬▬▬ ▬▬▬ ▬▬▬▬▬▬ ▬▬▬▬ ▬▬▬▬▬▬▬▬
Drahtmeldungen.
▬▬▬▬▬ ▬▬▬▬ ▬▬▬▬▬▬▬ ▬▬▬ ▬▬▬▬ ▬▬▬▬▬▬▬▬ ▬▬ ▬▬▬▬▬ ▬▬▬▬▬▬▬ ▬▬▬ ▬▬▬▬ ▬▬▬▬▬ ▬▬▬▬▬▬ ▬▬▬ ▬▬▬▬▬▬▬ ▬▬▬▬ ▬▬▬▬▬ ▬▬▬▬▬▬▬▬ ▬▬▬ ▬▬▬▬▬▬ ▬▬▬▬ ▬▬▬▬▬▬▬▬ ▬▬▬▬ ▬▬▬ ▬▬▬▬▬ ▬▬▬▬▬▬ ▬▬▬▬ ▬▬▬▬▬▬▬ ▬▬ ▬▬▬▬▬ ▬▬▬▬▬▬▬ ▬▬▬ ▬▬▬▬ ▬▬▬▬▬ ▬▬▬▬▬▬ ▬▬▬ ▬▬▬▬▬▬▬ ▬▬▬▬ ▬▬▬▬▬ ▬▬▬▬▬▬▬▬ ▬▬▬ ▬▬▬▬▬▬ ▬▬▬▬ ▬▬▬▬▬▬▬▬ ▬▬▬▬ ▬▬▬ ▬▬▬▬▬ ▬▬▬▬▬▬ ▬▬▬▬ ▬▬▬▬▬▬▬ ▬▬ ▬▬▬▬▬ ▬▬▬▬▬▬▬ ▬▬▬ ▬▬▬▬ ▬▬▬▬▬ ▬▬▬▬▬▬ ▬▬▬ ▬▬▬▬▬▬▬ ▬▬▬▬ ▬▬▬▬▬ ▬▬▬▬▬▬▬▬ ▬▬▬ ▬▬▬▬▬▬ ▬▬▬▬ ▬▬▬▬▬▬▬▬ ▬▬▬▬ ▬▬▬ ▬▬▬▬▬ ▬▬▬▬▬▬ ▬▬▬▬ ▬▬▬▬▬▬▬ ▬▬ ▬▬▬▬▬ ▬▬▬▬▬▬▬ ▬▬▬ ▬▬▬▬ ▬▬▬▬▬ ▬▬▬▬▬▬ ▬▬▬ ▬▬▬▬▬▬▬ ▬▬▬▬ ▬▬▬▬▬ ▬▬▬▬▬▬▬▬ ▬▬▬ ▬▬▬▬▬▬ ▬▬▬▬ ▬▬▬▬▬▬▬▬ ▬▬▬▬ ▬▬▬ ▬▬▬▬▬ ▬▬▬▬▬▬ ▬▬▬▬ ▬▬▬▬▬▬▬ ▬▬ ▬▬▬▬▬ ▬▬▬▬▬▬▬ ▬▬▬ ▬▬▬▬ ▬▬▬▬▬ ▬▬▬▬▬▬ ▬▬▬ ▬▬▬▬▬▬▬ ▬▬▬▬ ▬▬▬▬▬ ▬▬▬▬▬▬▬▬ ▬▬▬ ▬▬▬▬▬▬ ▬▬▬▬ ▬▬▬▬▬▬▬▬ ▬▬▬▬ ▬▬▬ ▬▬▬▬▬ ▬▬▬▬▬▬ ▬▬▬▬ ▬▬▬▬▬▬▬ ▬▬ ▬▬▬▬▬ ▬▬▬▬▬▬▬ ▬▬▬ ▬▬▬▬ ▬▬▬▬▬ ▬▬▬▬▬▬ ▬▬▬ ▬▬▬▬▬▬▬ ▬▬▬▬ ▬▬▬▬▬ ▬▬▬▬▬▬▬▬ ▬▬▬ ▬▬▬▬▬▬ ▬▬▬▬ ▬▬▬▬▬▬▬▬ ▬▬▬▬ ▬▬▬ ▬▬▬▬▬ ▬▬▬▬▬▬ ▬▬▬▬ ▬▬▬▬▬▬▬ ▬▬ ▬▬▬▬▬ ▬▬▬▬▬▬▬ ▬▬▬ ▬▬▬▬ ▬▬▬▬▬ ▬▬▬▬▬▬ ▬▬▬ ▬▬▬▬▬▬▬ ▬▬▬▬ ▬▬▬▬▬ ▬▬▬▬▬▬▬▬ ▬▬▬ ▬▬▬▬▬▬ ▬▬▬▬ ▬▬▬▬▬▬▬▬
▬▬▬▬▬ ▬▬▬▬ ▬▬▬▬▬▬▬ ▬▬▬ ▬▬▬▬ ▬▬▬▬▬▬▬▬ ▬▬ ▬▬▬▬▬ ▬▬▬▬▬▬▬ ▬▬▬ ▬▬▬▬ ▬▬▬▬▬ ▬▬▬▬▬▬ ▬▬▬ ▬▬▬▬▬▬▬ ▬▬▬▬ ▬▬▬▬▬ ▬▬▬▬▬▬▬▬ ▬▬▬ ▬▬▬▬▬▬ ▬▬▬▬ ▬▬▬▬▬▬▬▬ ▬▬▬▬ ▬▬▬ ▬▬▬▬▬ ▬▬▬▬▬▬ ▬▬▬▬ ▬▬▬▬▬▬▬ ▬▬ ▬▬▬▬▬ ▬▬▬▬▬▬▬ ▬▬▬ ▬▬▬▬ ▬▬▬▬▬ ▬▬▬▬▬▬ ▬▬▬ ▬▬▬▬▬▬▬ ▬▬▬▬ ▬▬▬▬▬ ▬▬▬▬▬▬▬▬ ▬▬▬ ▬▬▬▬▬▬ ▬▬▬▬ ▬▬▬▬▬▬▬▬
Die Generalversammlung der Spritbank A.-G. in Berlin
▬▬▬▬▬ ▬▬▬▬ ▬▬▬▬▬▬▬ ▬▬▬ ▬▬▬▬ ▬▬▬▬▬▬▬▬ ▬▬ ▬▬▬▬▬ ▬▬▬▬▬▬▬ ▬▬▬ ▬▬▬▬ ▬▬▬▬▬ ▬▬▬▬▬▬ ▬▬▬ ▬▬▬▬▬▬▬ ▬▬▬▬ ▬▬▬▬▬ ▬▬▬▬▬▬▬▬ ▬▬▬ ▬▬▬▬▬▬ ▬▬▬▬ ▬▬▬▬▬▬▬▬ ▬▬▬▬ ▬▬▬ ▬▬▬▬▬ ▬▬▬▬▬▬ ▬▬▬▬ ▬▬▬▬▬▬▬ ▬▬ ▬▬▬▬▬ ▬▬▬▬▬▬▬ ▬▬▬ ▬▬▬▬ ▬▬▬▬▬ ▬▬▬▬▬▬ ▬▬▬ ▬▬▬▬▬▬▬ ▬▬▬▬ ▬▬▬▬▬ ▬▬▬▬▬▬▬▬ ▬▬▬ ▬▬▬▬▬▬ ▬▬▬▬ ▬▬▬▬▬▬▬▬
Breslau, 6. April.
▬▬▬▬▬ ▬▬▬▬ ▬▬▬▬▬▬▬ ▬▬▬ ▬▬▬▬ ▬▬▬▬▬▬▬▬ ▬▬ ▬▬▬▬▬ ▬▬▬▬▬▬▬ ▬▬▬ ▬▬▬▬ ▬▬▬▬▬ ▬▬▬▬▬▬ ▬▬▬ ▬▬▬▬▬▬▬ ▬▬▬▬ ▬▬▬▬▬ ▬▬▬▬▬▬▬▬ ▬▬▬ ▬▬▬▬▬▬ ▬▬▬▬ ▬▬▬▬▬▬▬▬
Halle, 6. April.
▬▬▬▬▬ ▬▬▬▬ ▬▬▬▬▬▬▬ ▬▬▬ ▬▬▬▬ ▬▬▬▬▬▬▬▬ ▬▬ ▬▬▬▬▬ ▬▬▬▬▬▬▬ ▬▬▬ ▬▬▬▬ ▬▬▬▬▬ ▬▬▬▬▬▬ ▬▬▬ ▬▬▬▬▬▬▬ ▬▬▬▬ ▬▬▬▬▬ ▬▬▬▬▬▬▬▬ ▬▬▬ ▬▬▬▬▬▬ ▬▬▬▬ ▬▬▬▬▬▬▬▬
Düsseldorf, 6. April.
▬▬▬▬▬ ▬▬▬▬ ▬▬▬▬▬▬▬ ▬▬▬ ▬▬▬▬ ▬▬▬▬▬▬▬▬ ▬▬ ▬▬▬▬▬ ▬▬▬▬▬▬▬ ▬▬▬ ▬▬▬▬ ▬▬▬▬▬ ▬▬▬▬▬▬ ▬▬▬ ▬▬▬▬▬▬▬ ▬▬▬▬ ▬▬▬▬▬ ▬▬▬▬▬▬▬▬ ▬▬▬ ▬▬▬▬▬▬ ▬▬▬▬ ▬▬▬▬▬▬▬▬
Hannover, 6. April.
▬▬▬▬▬ ▬▬▬▬ ▬▬▬▬▬▬▬ ▬▬▬ ▬▬▬▬ ▬▬▬▬▬▬▬▬ ▬▬ ▬▬▬▬▬ ▬▬▬▬▬▬▬ ▬▬▬ ▬▬▬▬ ▬▬▬▬▬ ▬▬▬▬▬▬ ▬▬▬ ▬▬▬▬▬▬▬ ▬▬▬▬ ▬▬▬▬▬ ▬▬▬▬▬▬▬▬ ▬▬▬ ▬▬▬▬▬▬ ▬▬▬▬ ▬▬▬▬▬▬▬▬
Leipzig, 6. April.
▬▬▬▬▬ ▬▬▬▬ ▬▬▬▬▬▬▬ ▬▬▬ ▬▬▬▬ ▬▬▬▬▬▬▬▬ ▬▬ ▬▬▬▬▬ ▬▬▬▬▬▬▬ ▬▬▬ ▬▬▬▬ ▬▬▬▬▬ ▬▬▬▬▬▬ ▬▬▬ ▬▬▬▬▬▬▬ ▬▬▬▬ ▬▬▬▬▬ ▬▬▬▬▬▬▬▬ ▬▬▬ ▬▬▬▬▬▬ ▬▬▬▬ ▬▬▬▬▬▬▬▬
Mannheim, 6. April.
▬▬▬▬▬ ▬▬▬▬ ▬▬▬▬▬▬▬ ▬▬▬ ▬▬▬▬ ▬▬▬▬▬▬▬▬ ▬▬ ▬▬▬▬▬ ▬▬▬▬▬▬▬ ▬▬▬ ▬▬▬▬ ▬▬▬▬▬ ▬▬▬▬▬▬ ▬▬▬ ▬▬▬▬▬▬▬ ▬▬▬▬ ▬▬▬▬▬ ▬▬▬▬▬▬▬▬ ▬▬▬ ▬▬▬▬▬▬ ▬▬▬▬ ▬▬▬▬▬▬▬▬
Budapest, 5. April.
▬▬▬▬▬ ▬▬▬▬ ▬▬▬▬▬▬▬ ▬▬▬ ▬▬▬▬ ▬▬▬▬▬▬▬▬ ▬▬ ▬▬▬▬▬ ▬▬▬▬▬▬▬ ▬▬▬ ▬▬▬▬ ▬▬▬▬▬ ▬▬▬▬▬▬ ▬▬▬ ▬▬▬▬▬▬▬ ▬▬▬▬ ▬▬▬▬▬ ▬▬▬▬▬▬▬▬ ▬▬▬ ▬▬▬▬▬▬ ▬▬▬▬ ▬▬▬▬▬▬▬▬
Paris, 6. April.
▬▬▬▬▬ ▬▬▬▬ ▬▬▬▬▬▬▬ ▬▬▬ ▬▬▬▬ ▬▬▬▬▬▬▬▬ ▬▬ ▬▬▬▬▬ ▬▬▬▬▬▬▬ ▬▬▬ ▬▬▬▬ ▬▬▬▬▬ ▬▬▬▬▬▬ ▬▬▬ ▬▬▬▬▬▬▬ ▬▬▬▬ ▬▬▬▬▬ ▬▬▬▬▬▬▬▬ ▬▬▬ ▬▬▬▬▬▬ ▬▬▬▬ ▬▬▬▬▬▬▬▬
Wien, 6. April. Devisenkurse.
▬▬▬▬▬ ▬▬▬▬ ▬▬▬▬▬▬▬ ▬▬▬ ▬▬▬▬ ▬▬▬▬▬▬▬▬ ▬▬ ▬▬▬▬▬ ▬▬▬▬▬▬▬ ▬▬▬ ▬▬▬▬ ▬▬▬▬▬ ▬▬▬▬▬▬ ▬▬▬ ▬▬▬▬▬▬▬ ▬▬▬▬ ▬▬▬▬▬ ▬▬▬▬▬▬▬▬ ▬▬▬ ▬▬▬▬▬▬ ▬▬▬▬ ▬▬▬▬▬▬▬▬
Zürich, 6. April.
▬▬▬▬▬ ▬▬▬▬ ▬▬▬▬▬▬▬ ▬▬▬ ▬▬▬▬ ▬▬▬▬▬▬▬▬ ▬▬ ▬▬▬▬▬ ▬▬▬▬▬▬▬ ▬▬▬ ▬▬▬▬ ▬▬▬▬▬ ▬▬▬▬▬▬ ▬▬▬ ▬▬▬▬▬▬▬ ▬▬▬▬ ▬▬▬▬▬ ▬▬▬▬▬▬▬▬ ▬▬▬ ▬▬▬▬▬▬ ▬▬▬▬ ▬▬▬▬▬▬▬▬
Amsterdam, 6. April.
▬▬▬▬▬ ▬▬▬▬ ▬▬▬▬▬▬▬ ▬▬▬ ▬▬▬▬ ▬▬▬▬▬▬▬▬ ▬▬ ▬▬▬▬▬ ▬▬▬▬▬▬▬ ▬▬▬ ▬▬▬▬ ▬▬▬▬▬ ▬▬▬▬▬▬ ▬▬▬ ▬▬▬▬▬▬▬ ▬▬▬▬ ▬▬▬▬▬ ▬▬▬▬▬▬▬▬ ▬▬▬ ▬▬▬▬▬▬ ▬▬▬▬ ▬▬▬▬▬▬▬▬
Hamburg, 6. April.
▬▬▬▬▬ ▬▬▬▬ ▬▬▬▬▬▬▬ ▬▬▬ ▬▬▬▬ ▬▬▬▬▬▬▬▬ ▬▬ ▬▬▬▬▬ ▬▬▬▬▬▬▬ ▬▬▬ ▬▬▬▬ ▬▬▬▬▬ ▬▬▬▬▬▬ ▬▬▬ ▬▬▬▬▬▬▬ ▬▬▬▬ ▬▬▬▬▬ ▬▬▬▬▬▬▬▬ ▬▬▬ ▬▬▬▬▬▬ ▬▬▬▬ ▬▬▬▬▬▬▬▬
New York, 6. April.
▬▬▬▬▬ ▬▬▬▬ ▬▬▬▬▬▬▬ ▬▬▬ ▬▬▬▬ ▬▬▬▬▬▬▬▬ ▬▬ ▬▬▬▬▬ ▬▬▬▬▬▬▬ ▬▬▬ ▬▬▬▬ ▬▬▬▬▬ ▬▬▬▬▬▬ ▬▬▬ ▬▬▬▬▬▬▬ ▬▬▬▬ ▬▬▬▬▬ ▬▬▬▬▬▬▬▬ ▬▬▬ ▬▬▬▬▬▬ ▬▬▬▬ ▬▬▬▬▬▬▬▬ ▬▬▬▬ ▬▬▬ ▬▬▬▬▬ ▬▬▬▬▬▬ ▬▬▬▬ ▬▬▬▬▬▬▬ ▬▬ ▬▬▬▬▬ ▬▬▬▬▬▬▬ ▬▬▬ ▬▬▬▬ ▬▬▬▬▬ ▬▬▬▬▬▬ ▬▬▬ ▬▬▬▬▬▬▬ ▬▬▬▬ ▬▬▬▬▬ ▬▬▬▬▬▬▬▬ ▬▬▬ ▬▬▬▬▬▬ ▬▬▬▬ ▬▬▬▬▬▬▬▬ ▬▬▬▬ ▬▬▬ ▬▬▬▬▬ ▬▬▬▬▬▬ ▬▬▬▬ ▬▬▬▬▬▬▬ ▬▬ ▬▬▬▬▬ ▬▬▬▬▬▬▬ ▬▬▬ ▬▬▬▬ ▬▬▬▬▬ ▬▬▬▬▬▬ ▬▬▬ ▬▬▬▬▬▬▬ ▬▬▬▬ ▬▬▬▬▬ ▬▬▬▬▬▬▬▬ ▬▬▬ ▬▬▬▬▬▬ ▬▬▬▬ ▬▬▬▬▬▬▬▬
